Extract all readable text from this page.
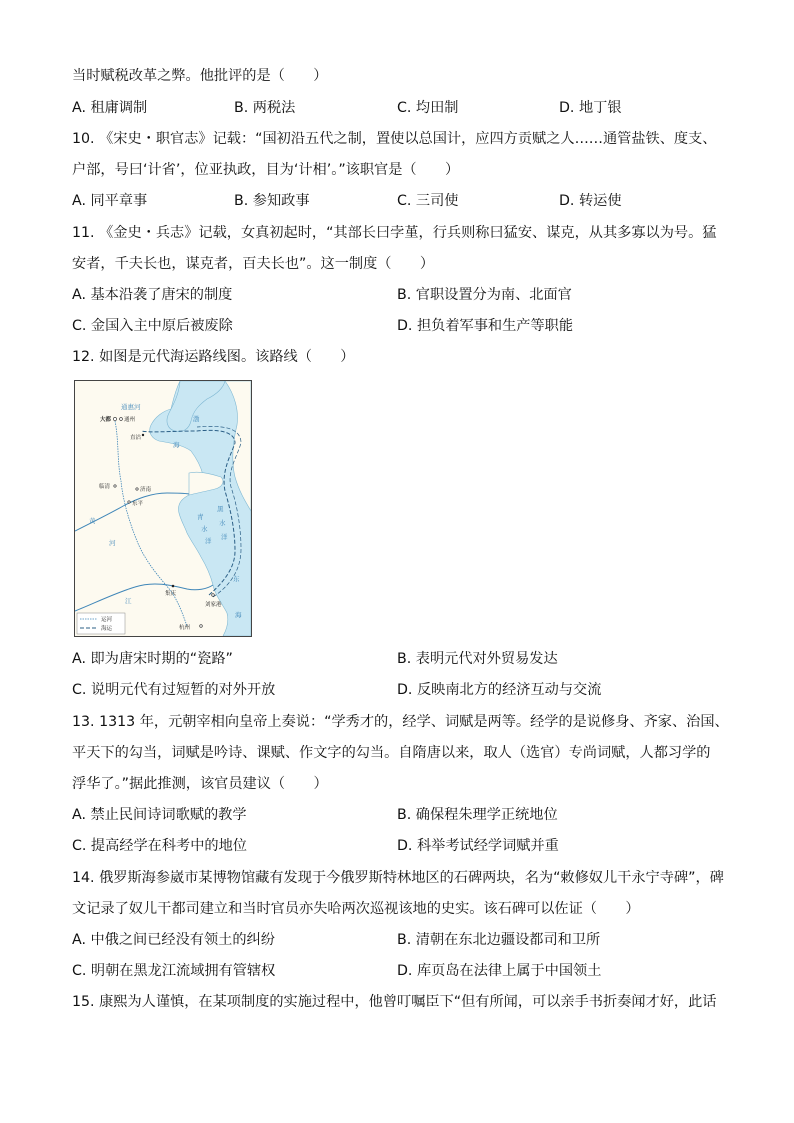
当时赋税改革之弊。他批评的是（　　）
A. 租庸调制	B. 两税法	C. 均田制	D. 地丁银
10. 《宋史・职官志》记载：“国初沿五代之制，置使以总国计，应四方贡赋之人……通管盐铁、度支、
户部，号曰‘计省’，位亚执政，目为‘计相’。”该职官是（　　）
A. 同平章事	B. 参知政事	C. 三司使	D. 转运使
11. 《金史・兵志》记载，女真初起时，“其部长曰孛堇，行兵则称曰猛安、谋克，从其多寡以为号。猛
安者，千夫长也，谋克者，百夫长也”。这一制度（　　）
A. 基本沿袭了唐宋的制度	B. 官职设置分为南、北面官
C. 金国入主中原后被废除	D. 担负着军事和生产等职能
12. 如图是元代海运路线图。该路线（　　）
通惠河
大都 通州
直沽
临清	济南
东平
集庆
刘家港
杭州
渤
海
黄
河
江
东
海
青
水
洋
黑
水
洋
运河
海运
A. 即为唐宋时期的“瓷路”	B. 表明元代对外贸易发达
C. 说明元代有过短暂的对外开放	D. 反映南北方的经济互动与交流
13. 1313 年，元朝宰相向皇帝上奏说：“学秀才的，经学、词赋是两等。经学的是说修身、齐家、治国、
平天下的勾当，词赋是吟诗、课赋、作文字的勾当。自隋唐以来，取人（选官）专尚词赋，人都习学的
浮华了。”据此推测，该官员建议（　　）
A. 禁止民间诗词歌赋的教学	B. 确保程朱理学正统地位
C. 提高经学在科考中的地位	D. 科举考试经学词赋并重
14. 俄罗斯海参崴市某博物馆藏有发现于今俄罗斯特林地区的石碑两块，名为“敕修奴儿干永宁寺碑”，碑
文记录了奴儿干都司建立和当时官员亦失哈两次巡视该地的史实。该石碑可以佐证（　　）
A. 中俄之间已经没有领土的纠纷	B. 清朝在东北边疆设都司和卫所
C. 明朝在黑龙江流域拥有管辖权	D. 库页岛在法律上属于中国领土
15. 康熙为人谨慎，在某项制度的实施过程中，他曾叮嘱臣下“但有所闻，可以亲手书折奏闻才好，此话
